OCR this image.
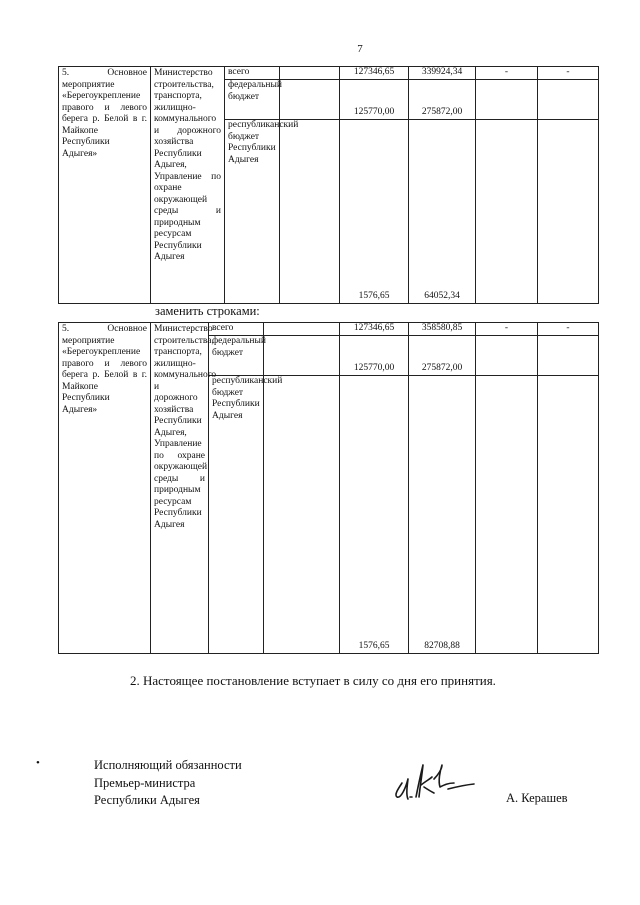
7
5. Основное мероприятие «Берегоукрепление правого и левого берега р. Белой в г. Майкопе Республики Адыгея»	Министерство строительства, транспорта, жилищно-коммунального и дорожного хозяйства Республики Адыгея, Управление по охране окружающей среды и природным ресурсам Республики Адыгея	всего		127346,65	339924,34	-	-
		федеральный бюджет		125770,00	275872,00		
		республиканский бюджет Республики Адыгея		1576,65	64052,34		
заменить строками:
5. Основное мероприятие «Берегоукрепление правого и левого берега р. Белой в г. Майкопе Республики Адыгея»	Министерство строительства, транспорта, жилищно-коммунального и дорожного хозяйства Республики Адыгея, Управление по охране окружающей среды и природным ресурсам Республики Адыгея	всего		127346,65	358580,85	-	-
		федеральный бюджет		125770,00	275872,00		
		республиканский бюджет Республики Адыгея		1576,65	82708,88		
2. Настоящее постановление вступает в силу со дня его принятия.
•	Исполняющий обязанности
Премьер-министра
Республики Адыгея	А. Керашев
